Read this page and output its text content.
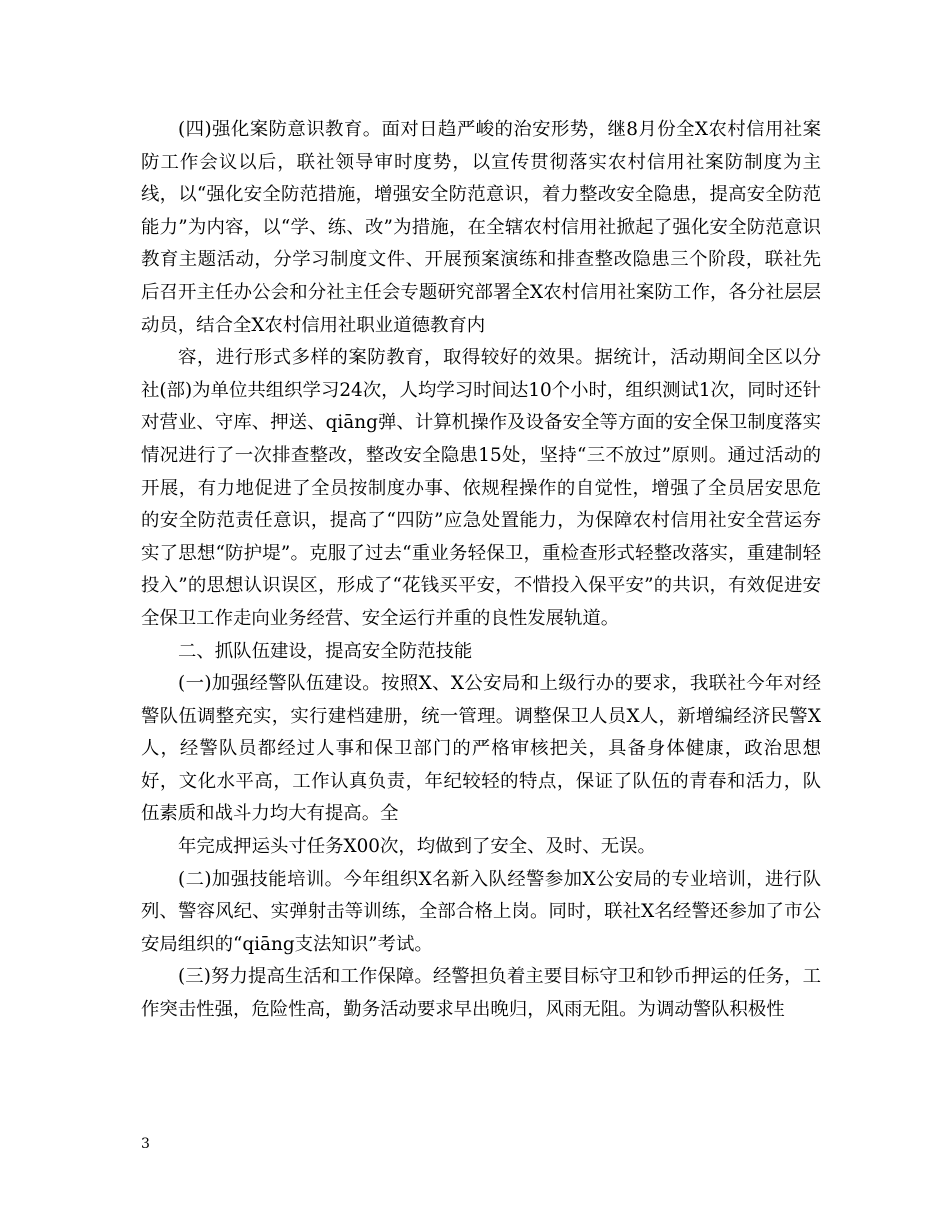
(四)强化案防意识教育。面对日趋严峻的治安形势，继8月份全X农村信用社案防工作会议以后，联社领导审时度势，以宣传贯彻落实农村信用社案防制度为主线，以“强化安全防范措施，增强安全防范意识，着力整改安全隐患，提高安全防范能力”为内容，以“学、练、改”为措施，在全辖农村信用社掀起了强化安全防范意识教育主题活动，分学习制度文件、开展预案演练和排查整改隐患三个阶段，联社先后召开主任办公会和分社主任会专题研究部署全X农村信用社案防工作，各分社层层动员，结合全X农村信用社职业道德教育内

容，进行形式多样的案防教育，取得较好的效果。据统计，活动期间全区以分社(部)为单位共组织学习24次，人均学习时间达10个小时，组织测试1次，同时还针对营业、守库、押送、qiāng弹、计算机操作及设备安全等方面的安全保卫制度落实情况进行了一次排查整改，整改安全隐患15处，坚持“三不放过”原则。通过活动的开展，有力地促进了全员按制度办事、依规程操作的自觉性，增强了全员居安思危的安全防范责任意识，提高了“四防”应急处置能力，为保障农村信用社安全营运夯实了思想“防护堤”。克服了过去“重业务轻保卫，重检查形式轻整改落实，重建制轻投入”的思想认识误区，形成了“花钱买平安，不惜投入保平安”的共识，有效促进安全保卫工作走向业务经营、安全运行并重的良性发展轨道。

二、抓队伍建设，提高安全防范技能

(一)加强经警队伍建设。按照X、X公安局和上级行办的要求，我联社今年对经警队伍调整充实，实行建档建册，统一管理。调整保卫人员X人，新增编经济民警X人，经警队员都经过人事和保卫部门的严格审核把关，具备身体健康，政治思想好，文化水平高，工作认真负责，年纪较轻的特点，保证了队伍的青春和活力，队伍素质和战斗力均大有提高。全

年完成押运头寸任务X00次，均做到了安全、及时、无误。

(二)加强技能培训。今年组织X名新入队经警参加X公安局的专业培训，进行队列、警容风纪、实弹射击等训练，全部合格上岗。同时，联社X名经警还参加了市公安局组织的“qiāng支法知识”考试。

(三)努力提高生活和工作保障。经警担负着主要目标守卫和钞币押运的任务，工作突击性强，危险性高，勤务活动要求早出晚归，风雨无阻。为调动警队积极性

3
